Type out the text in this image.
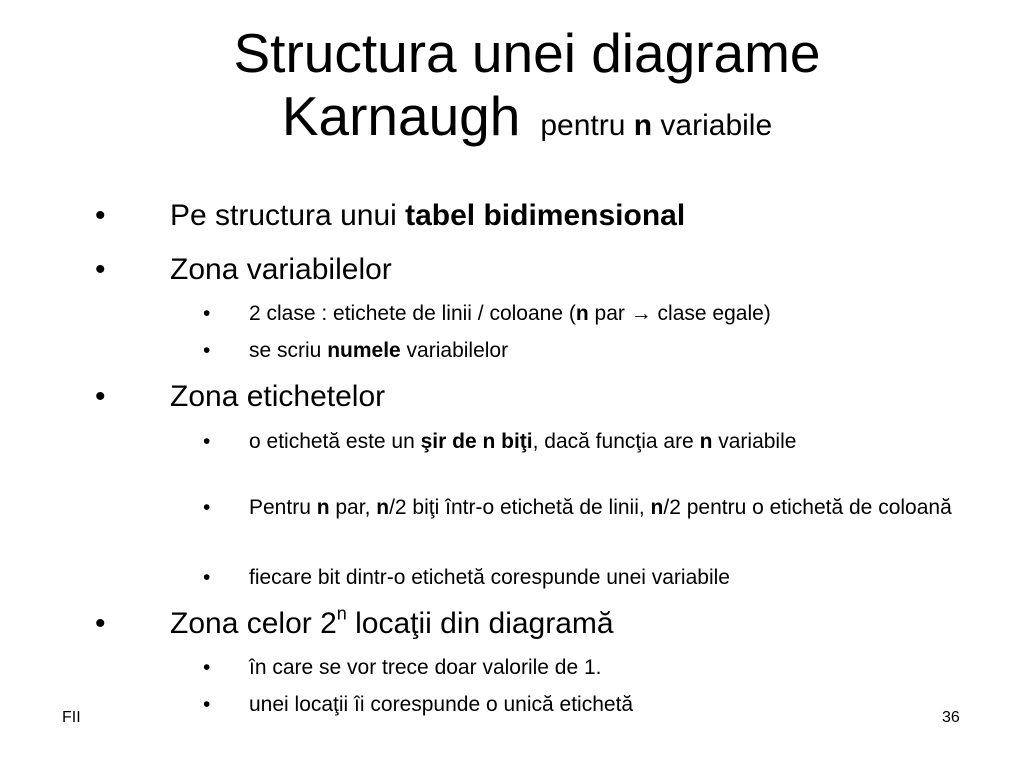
Structura unei diagrame
Karnaugh pentru n variabile
•	Pe structura unui tabel bidimensional
•	Zona variabilelor
• 2 clase : etichete de linii / coloane (n par → clase egale)
• se scriu numele variabilelor
•	Zona etichetelor
• o etichetă este un şir de n biţi, dacă funcţia are n variabile
• Pentru n par, n/2 biţi într-o etichetă de linii, n/2 pentru o etichetă de coloană
• fiecare bit dintr-o etichetă corespunde unei variabile
•	Zona celor 2$^n$ locaţii din diagramă
• în care se vor trece doar valorile de 1.
• unei locaţii îi corespunde o unică etichetă
FII	36
